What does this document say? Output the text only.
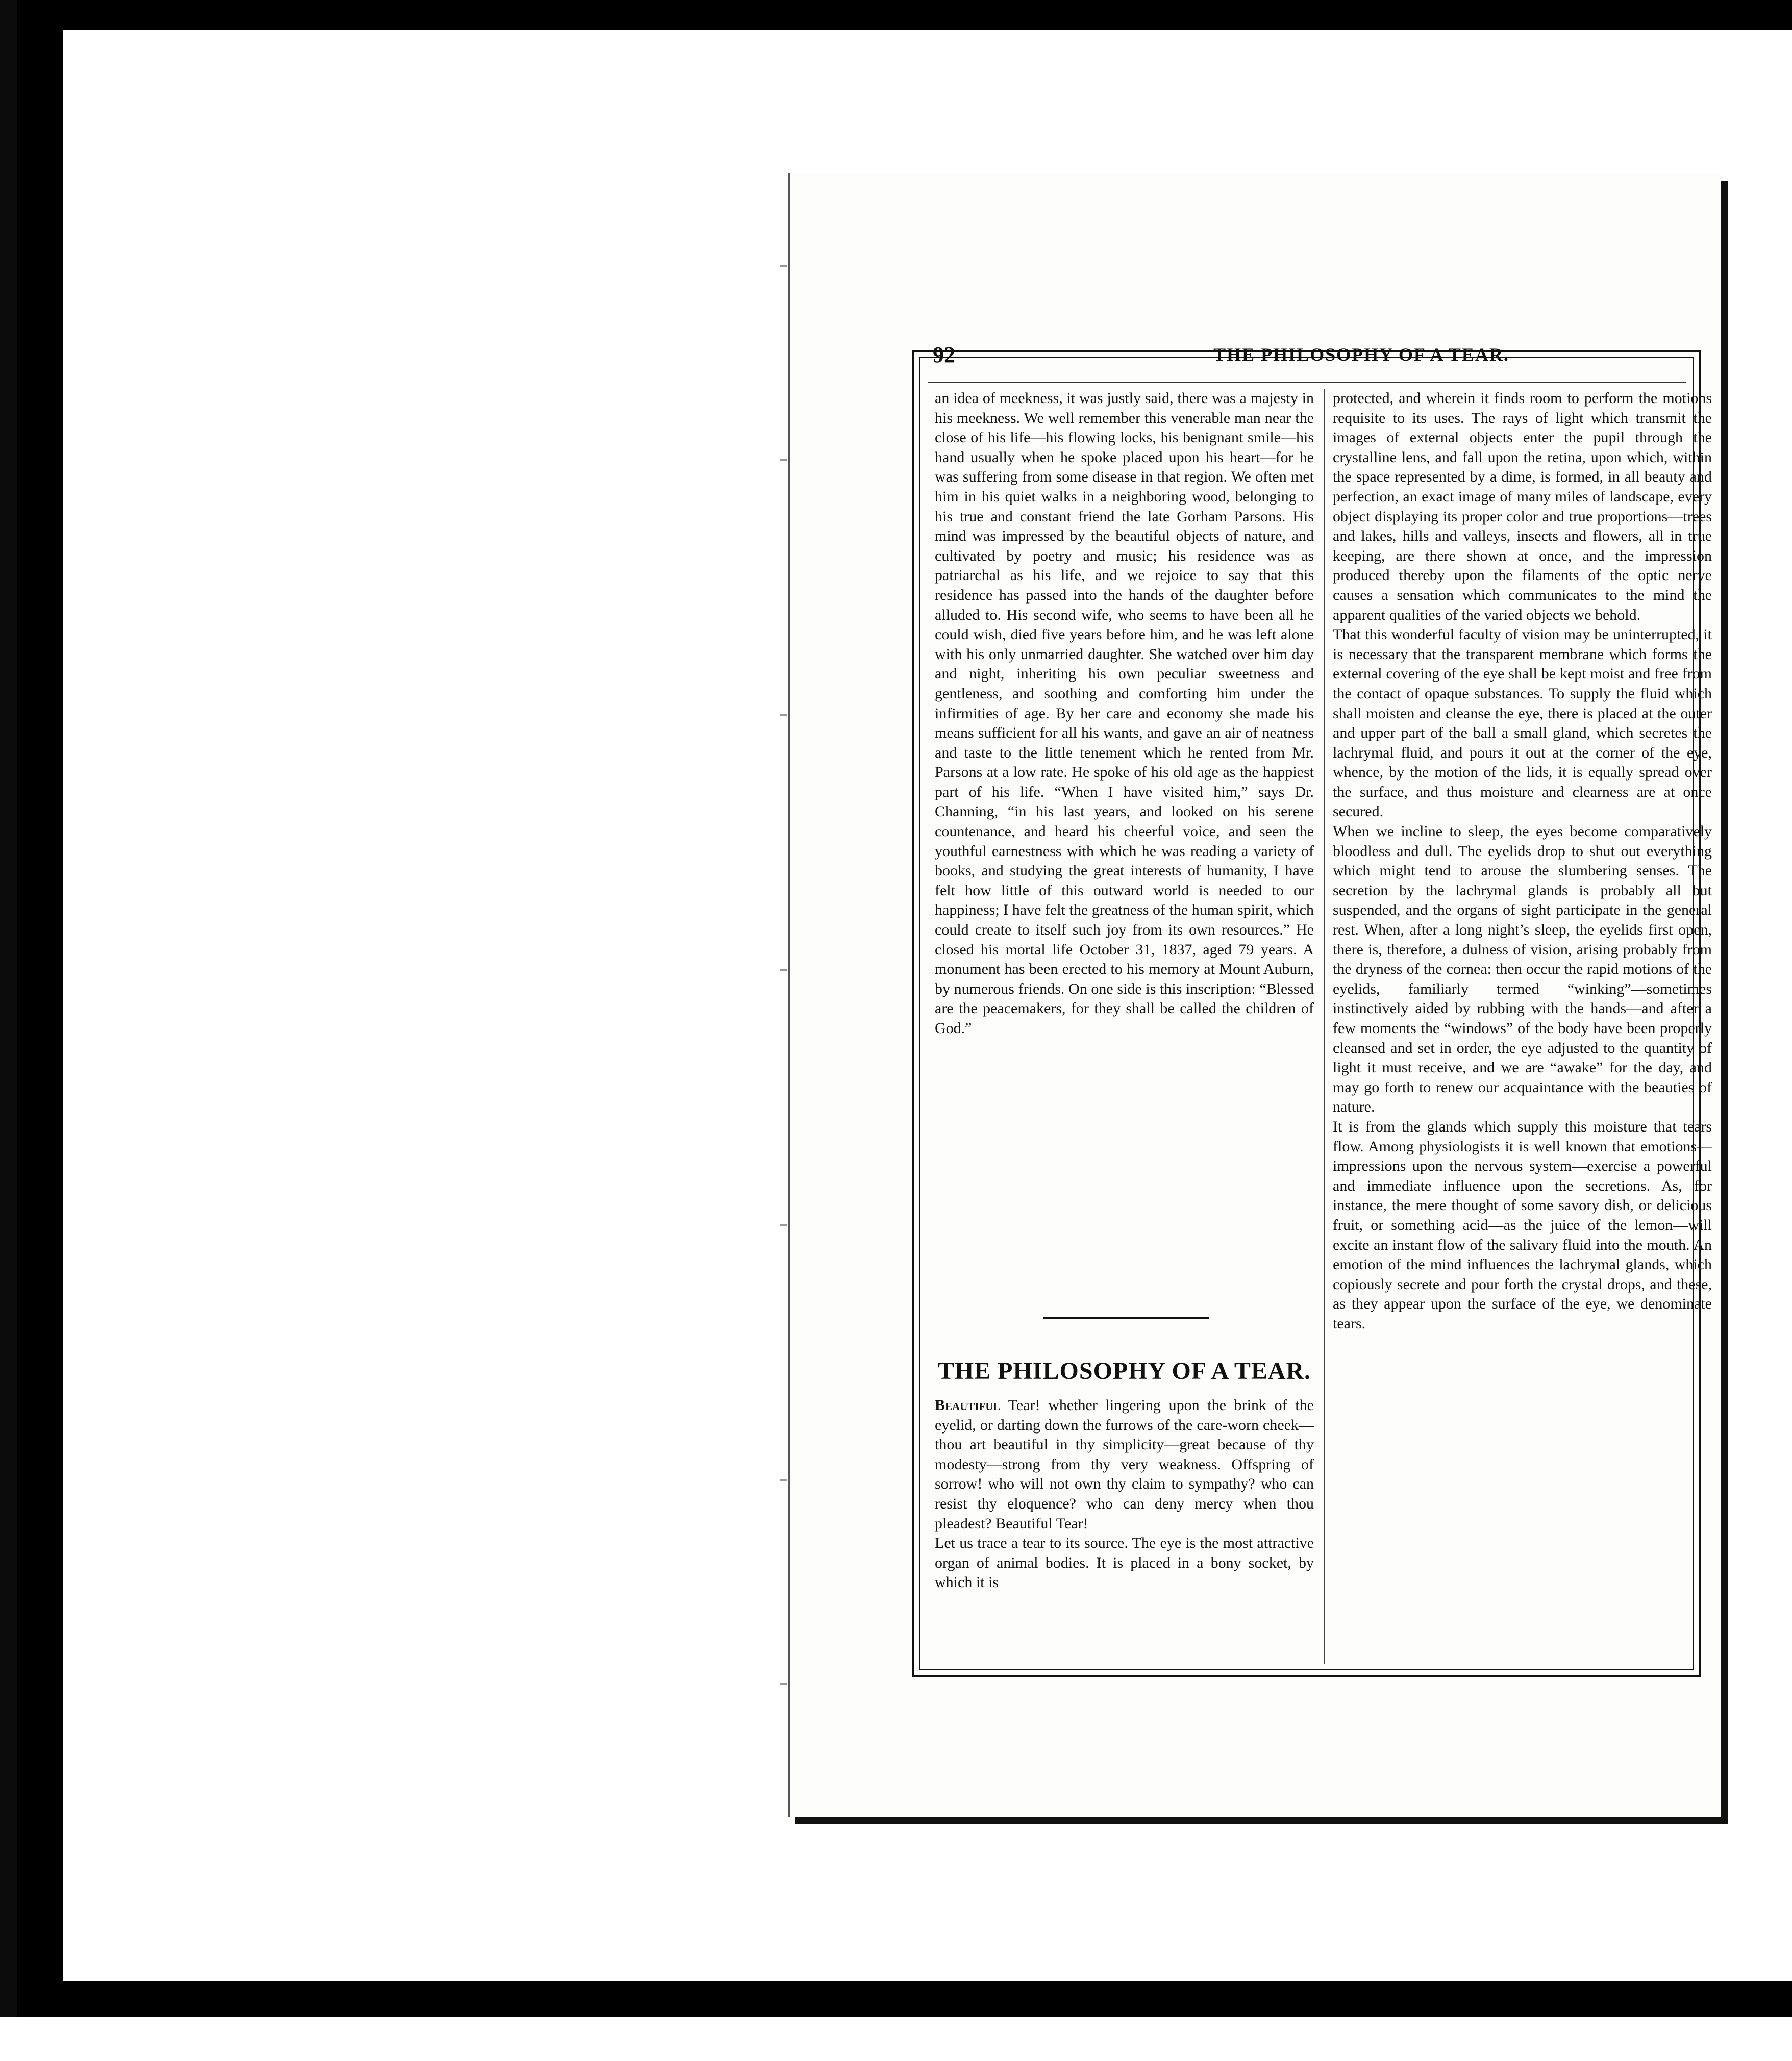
92	THE PHILOSOPHY OF A TEAR.

an idea of meekness, it was justly said, there was a majesty in his meekness. We well remember this venerable man near the close of his life—his flowing locks, his benignant smile—his hand usually when he spoke placed upon his heart—for he was suffering from some disease in that region. We often met him in his quiet walks in a neighboring wood, belonging to his true and constant friend the late Gorham Parsons. His mind was impressed by the beautiful objects of nature, and cultivated by poetry and music; his residence was as patriarchal as his life, and we rejoice to say that this residence has passed into the hands of the daughter before alluded to. His second wife, who seems to have been all he could wish, died five years before him, and he was left alone with his only unmarried daughter. She watched over him day and night, inheriting his own peculiar sweetness and gentleness, and soothing and comforting him under the infirmities of age. By her care and economy she made his means sufficient for all his wants, and gave an air of neatness and taste to the little tenement which he rented from Mr. Parsons at a low rate. He spoke of his old age as the happiest part of his life. “When I have visited him,” says Dr. Channing, “in his last years, and looked on his serene countenance, and heard his cheerful voice, and seen the youthful earnestness with which he was reading a variety of books, and studying the great interests of humanity, I have felt how little of this outward world is needed to our happiness; I have felt the greatness of the human spirit, which could create to itself such joy from its own resources.” He closed his mortal life October 31, 1837, aged 79 years. A monument has been erected to his memory at Mount Auburn, by numerous friends. On one side is this inscription: “Blessed are the peacemakers, for they shall be called the children of God.”

THE PHILOSOPHY OF A TEAR.

Beautiful Tear! whether lingering upon the brink of the eyelid, or darting down the furrows of the care-worn cheek—thou art beautiful in thy simplicity—great because of thy modesty—strong from thy very weakness. Offspring of sorrow! who will not own thy claim to sympathy? who can resist thy eloquence? who can deny mercy when thou pleadest? Beautiful Tear!

Let us trace a tear to its source. The eye is the most attractive organ of animal bodies. It is placed in a bony socket, by which it is

protected, and wherein it finds room to perform the motions requisite to its uses. The rays of light which transmit the images of external objects enter the pupil through the crystalline lens, and fall upon the retina, upon which, within the space represented by a dime, is formed, in all beauty and perfection, an exact image of many miles of landscape, every object displaying its proper color and true proportions—trees and lakes, hills and valleys, insects and flowers, all in true keeping, are there shown at once, and the impression produced thereby upon the filaments of the optic nerve causes a sensation which communicates to the mind the apparent qualities of the varied objects we behold.

That this wonderful faculty of vision may be uninterrupted, it is necessary that the transparent membrane which forms the external covering of the eye shall be kept moist and free from the contact of opaque substances. To supply the fluid which shall moisten and cleanse the eye, there is placed at the outer and upper part of the ball a small gland, which secretes the lachrymal fluid, and pours it out at the corner of the eye, whence, by the motion of the lids, it is equally spread over the surface, and thus moisture and clearness are at once secured.

When we incline to sleep, the eyes become comparatively bloodless and dull. The eyelids drop to shut out everything which might tend to arouse the slumbering senses. The secretion by the lachrymal glands is probably all but suspended, and the organs of sight participate in the general rest. When, after a long night’s sleep, the eyelids first open, there is, therefore, a dulness of vision, arising probably from the dryness of the cornea: then occur the rapid motions of the eyelids, familiarly termed “winking”—sometimes instinctively aided by rubbing with the hands—and after a few moments the “windows” of the body have been properly cleansed and set in order, the eye adjusted to the quantity of light it must receive, and we are “awake” for the day, and may go forth to renew our acquaintance with the beauties of nature.

It is from the glands which supply this moisture that tears flow. Among physiologists it is well known that emotions—impressions upon the nervous system—exercise a powerful and immediate influence upon the secretions. As, for instance, the mere thought of some savory dish, or delicious fruit, or something acid—as the juice of the lemon—will excite an instant flow of the salivary fluid into the mouth. An emotion of the mind influences the lachrymal glands, which copiously secrete and pour forth the crystal drops, and these, as they appear upon the surface of the eye, we denominate tears.
